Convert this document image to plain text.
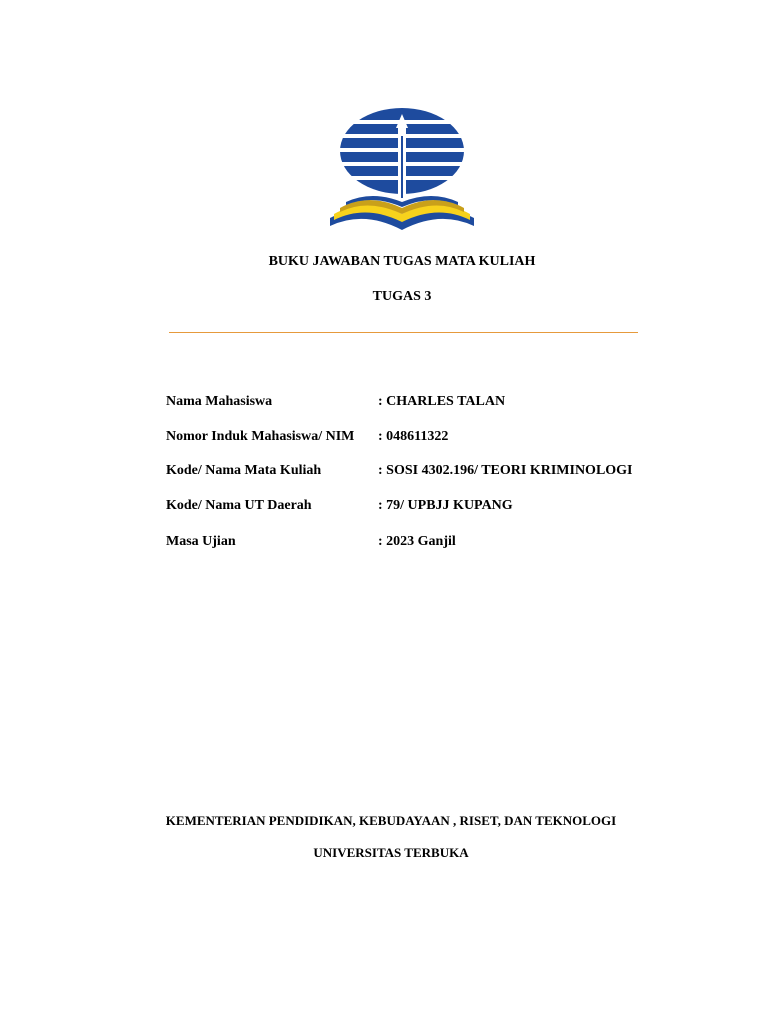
BUKU JAWABAN TUGAS MATA KULIAH
TUGAS 3
Nama Mahasiswa	: CHARLES TALAN
Nomor Induk Mahasiswa/ NIM : 048611322
Kode/ Nama Mata Kuliah	: SOSI 4302.196/ TEORI KRIMINOLOGI
Kode/ Nama UT Daerah	: 79/ UPBJJ KUPANG
Masa Ujian	: 2023 Ganjil
KEMENTERIAN PENDIDIKAN, KEBUDAYAAN , RISET, DAN TEKNOLOGI
UNIVERSITAS TERBUKA
